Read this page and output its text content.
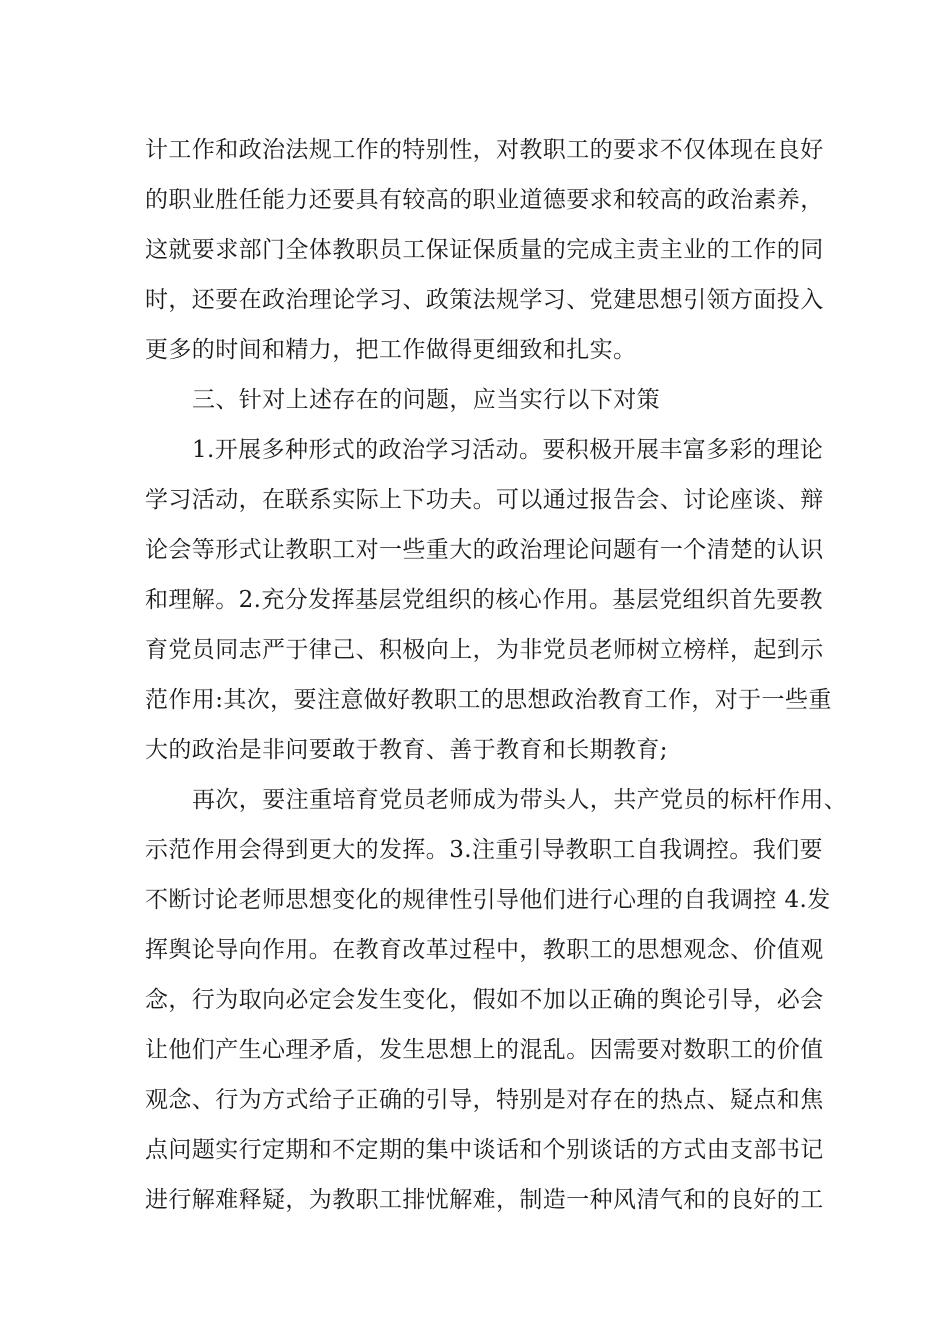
计工作和政治法规工作的特别性，对教职工的要求不仅体现在良好
的职业胜任能力还要具有较高的职业道德要求和较高的政治素养，
这就要求部门全体教职员工保证保质量的完成主责主业的工作的同
时，还要在政治理论学习、政策法规学习、党建思想引领方面投入
更多的时间和精力，把工作做得更细致和扎实。
三、针对上述存在的问题，应当实行以下对策
1.开展多种形式的政治学习活动。要积极开展丰富多彩的理论
学习活动，在联系实际上下功夫。可以通过报告会、讨论座谈、辩
论会等形式让教职工对一些重大的政治理论问题有一个清楚的认识
和理解。2.充分发挥基层党组织的核心作用。基层党组织首先要教
育党员同志严于律己、积极向上，为非党员老师树立榜样，起到示
范作用:其次，要注意做好教职工的思想政治教育工作，对于一些重
大的政治是非问要敢于教育、善于教育和长期教育;
再次，要注重培育党员老师成为带头人，共产党员的标杆作用、
示范作用会得到更大的发挥。3.注重引导教职工自我调控。我们要
不断讨论老师思想变化的规律性引导他们进行心理的自我调控 4.发
挥舆论导向作用。在教育改革过程中，教职工的思想观念、价值观
念，行为取向必定会发生变化，假如不加以正确的舆论引导，必会
让他们产生心理矛盾，发生思想上的混乱。因需要对数职工的价值
观念、行为方式给子正确的引导，特别是对存在的热点、疑点和焦
点问题实行定期和不定期的集中谈话和个别谈话的方式由支部书记
进行解难释疑，为教职工排忧解难，制造一种风清气和的良好的工
